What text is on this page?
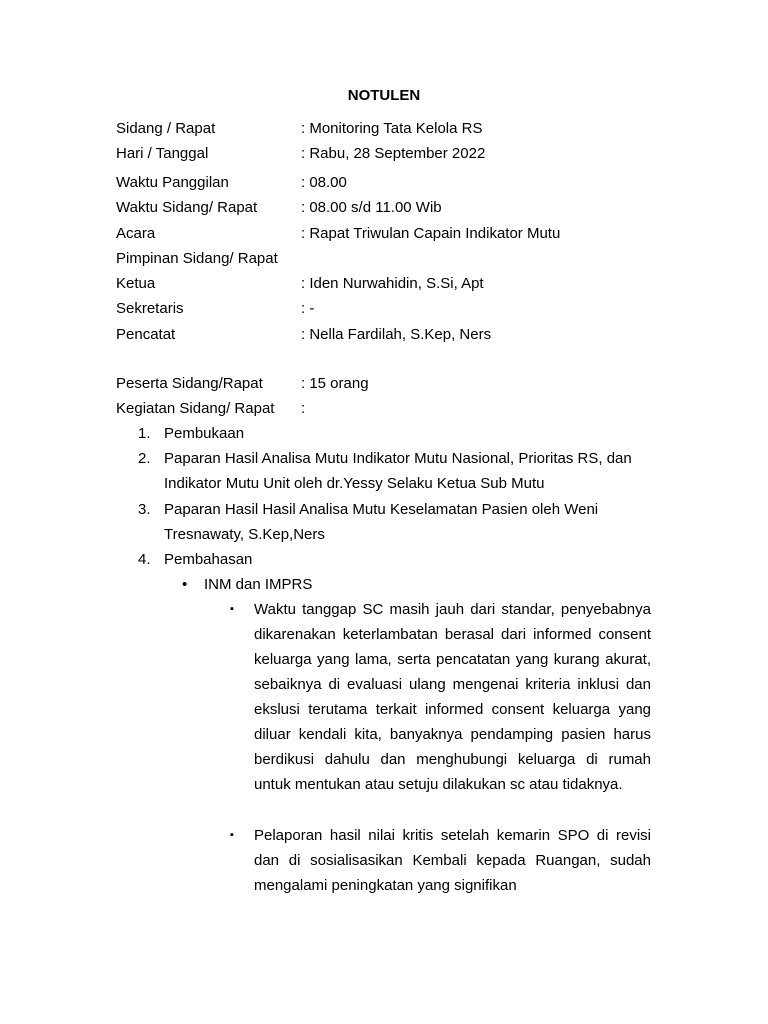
NOTULEN
Sidang / Rapat	: Monitoring Tata Kelola RS
Hari / Tanggal	: Rabu, 28 September 2022
Waktu Panggilan	: 08.00
Waktu Sidang/ Rapat	: 08.00 s/d 11.00 Wib
Acara	: Rapat Triwulan Capain Indikator Mutu
Pimpinan Sidang/ Rapat
Ketua	: Iden Nurwahidin, S.Si, Apt
Sekretaris	: -
Pencatat	: Nella Fardilah, S.Kep, Ners
Peserta Sidang/Rapat	: 15 orang
Kegiatan Sidang/ Rapat :
1. Pembukaan
2. Paparan Hasil Analisa Mutu Indikator Mutu Nasional, Prioritas RS, dan Indikator Mutu Unit oleh dr.Yessy Selaku Ketua Sub Mutu
3. Paparan Hasil Hasil Analisa Mutu Keselamatan Pasien oleh Weni Tresnawaty, S.Kep,Ners
4. Pembahasan
• INM dan IMPRS
▪ Waktu tanggap SC masih jauh dari standar, penyebabnya dikarenakan keterlambatan berasal dari informed consent keluarga yang lama, serta pencatatan yang kurang akurat, sebaiknya di evaluasi ulang mengenai kriteria inklusi dan ekslusi terutama terkait informed consent keluarga yang diluar kendali kita, banyaknya pendamping pasien harus berdikusi dahulu dan menghubungi keluarga di rumah untuk mentukan atau setuju dilakukan sc atau tidaknya.
▪ Pelaporan hasil nilai kritis setelah kemarin SPO di revisi dan di sosialisasikan Kembali kepada Ruangan, sudah mengalami peningkatan yang signifikan
